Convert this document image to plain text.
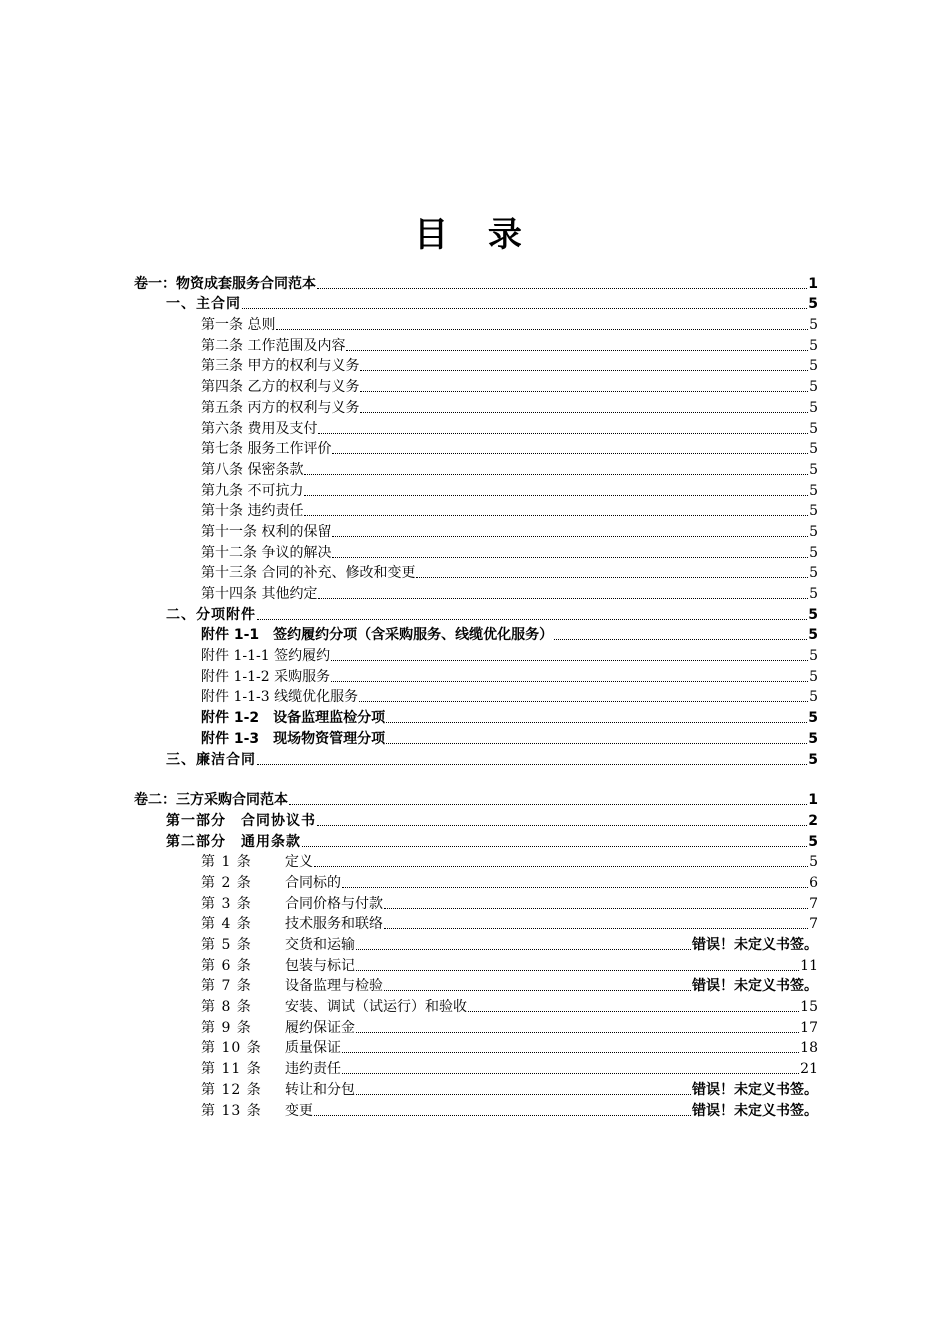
目 录
卷一：物资成套服务合同范本	1
一、主合同	5
第一条 总则	5
第二条 工作范围及内容	5
第三条 甲方的权利与义务	5
第四条 乙方的权利与义务	5
第五条 丙方的权利与义务	5
第六条 费用及支付	5
第七条 服务工作评价	5
第八条 保密条款	5
第九条 不可抗力	5
第十条 违约责任	5
第十一条 权利的保留	5
第十二条 争议的解决	5
第十三条 合同的补充、修改和变更	5
第十四条 其他约定	5
二、分项附件	5
附件 1-1　签约履约分项（含采购服务、线缆优化服务）	5
附件 1-1-1 签约履约	5
附件 1-1-2 采购服务	5
附件 1-1-3 线缆优化服务	5
附件 1-2　设备监理监检分项	5
附件 1-3　现场物资管理分项	5
三、廉洁合同	5
卷二：三方采购合同范本	1
第一部分　合同协议书	2
第二部分　通用条款	5
第 1 条 定义	5
第 2 条 合同标的	6
第 3 条 合同价格与付款	7
第 4 条 技术服务和联络	7
第 5 条 交货和运输	错误！未定义书签。
第 6 条 包装与标记	11
第 7 条 设备监理与检验	错误！未定义书签。
第 8 条 安装、调试（试运行）和验收	15
第 9 条 履约保证金	17
第 10 条 质量保证	18
第 11 条 违约责任	21
第 12 条 转让和分包	错误！未定义书签。
第 13 条 变更	错误！未定义书签。
